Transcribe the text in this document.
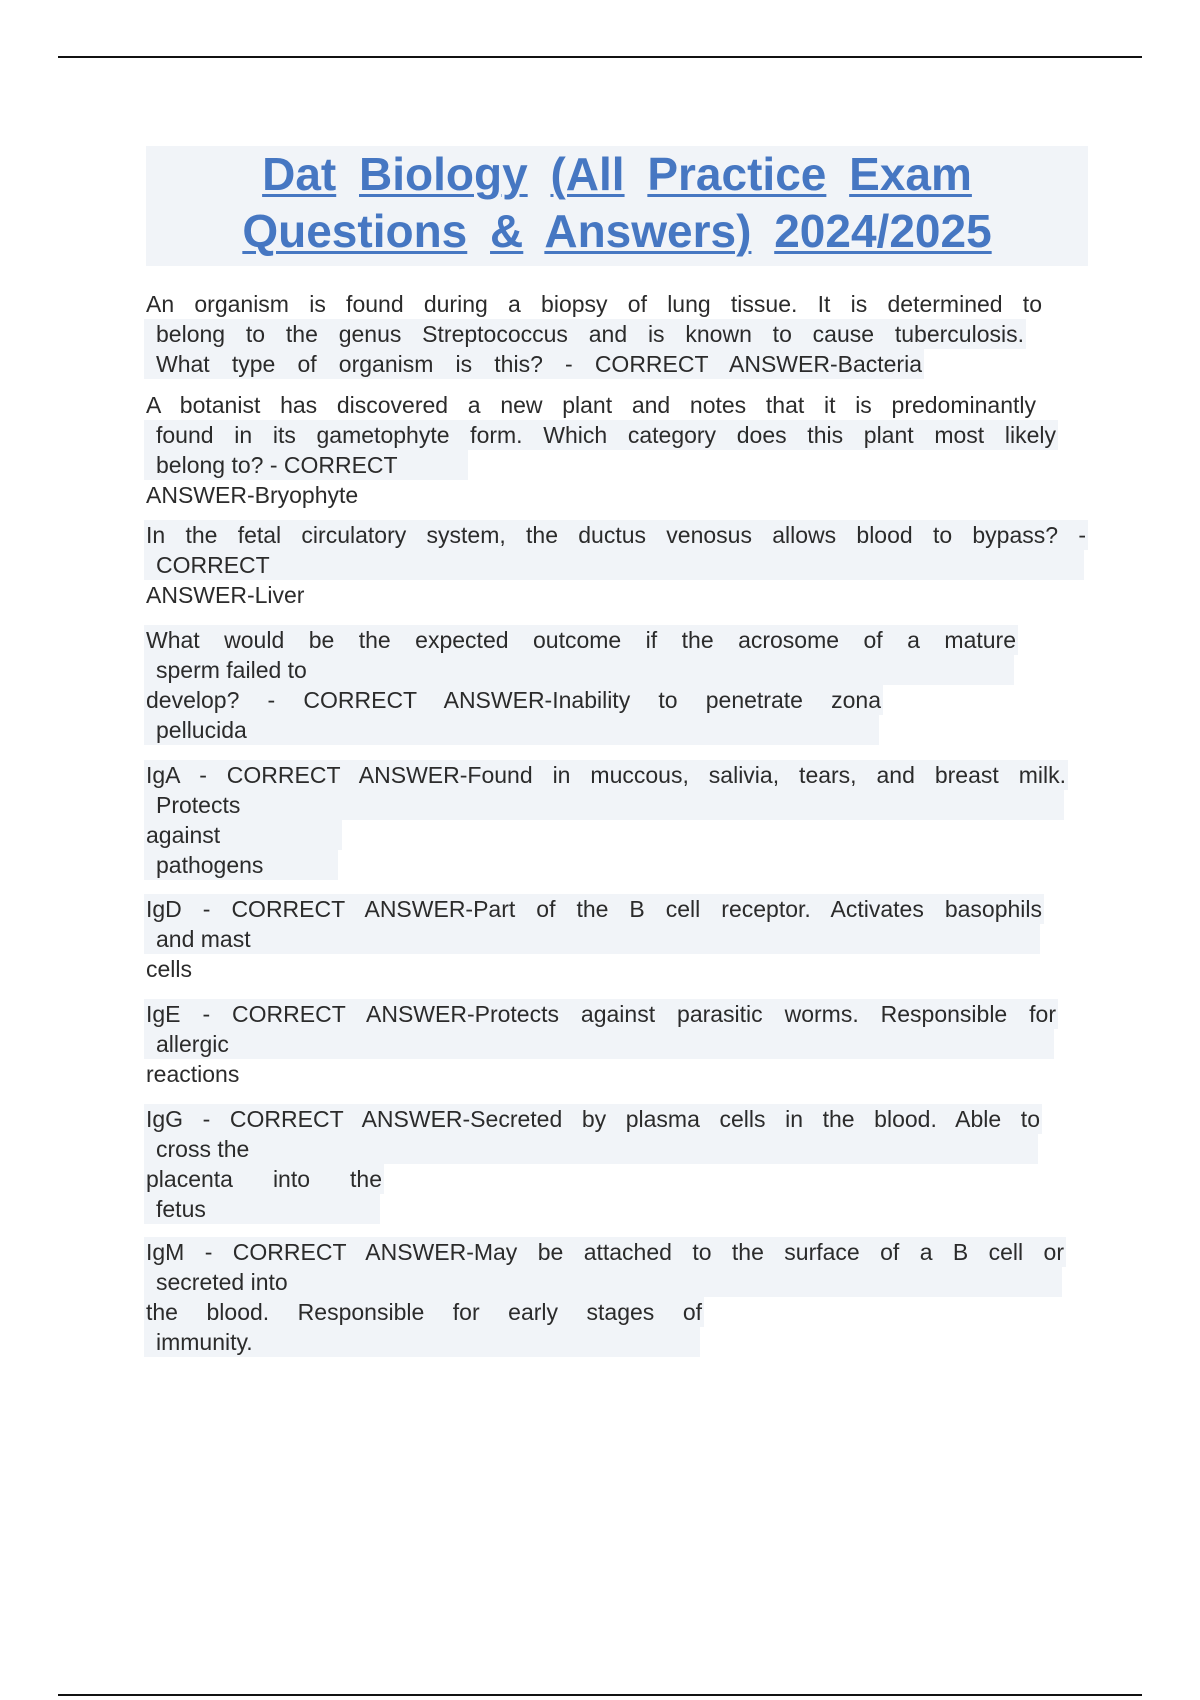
Dat Biology (All Practice Exam
Questions & Answers) 2024/2025
An organism is found during a biopsy of lung tissue. It is determined to
belong to the genus Streptococcus and is known to cause tuberculosis.
What type of organism is this? - CORRECT ANSWER-Bacteria
A botanist has discovered a new plant and notes that it is predominantly
found in its gametophyte form. Which category does this plant most likely
belong to? - CORRECT
ANSWER-Bryophyte
In the fetal circulatory system, the ductus venosus allows blood to bypass? -
CORRECT
ANSWER-Liver
What would be the expected outcome if the acrosome of a mature
sperm failed to
develop? - CORRECT ANSWER-Inability to penetrate zona
pellucida
IgA - CORRECT ANSWER-Found in muccous, salivia, tears, and breast milk.
Protects
against
pathogens
IgD - CORRECT ANSWER-Part of the B cell receptor. Activates basophils
and mast
cells
IgE - CORRECT ANSWER-Protects against parasitic worms. Responsible for
allergic
reactions
IgG - CORRECT ANSWER-Secreted by plasma cells in the blood. Able to
cross the
placenta into the
fetus
IgM - CORRECT ANSWER-May be attached to the surface of a B cell or
secreted into
the blood. Responsible for early stages of
immunity.
